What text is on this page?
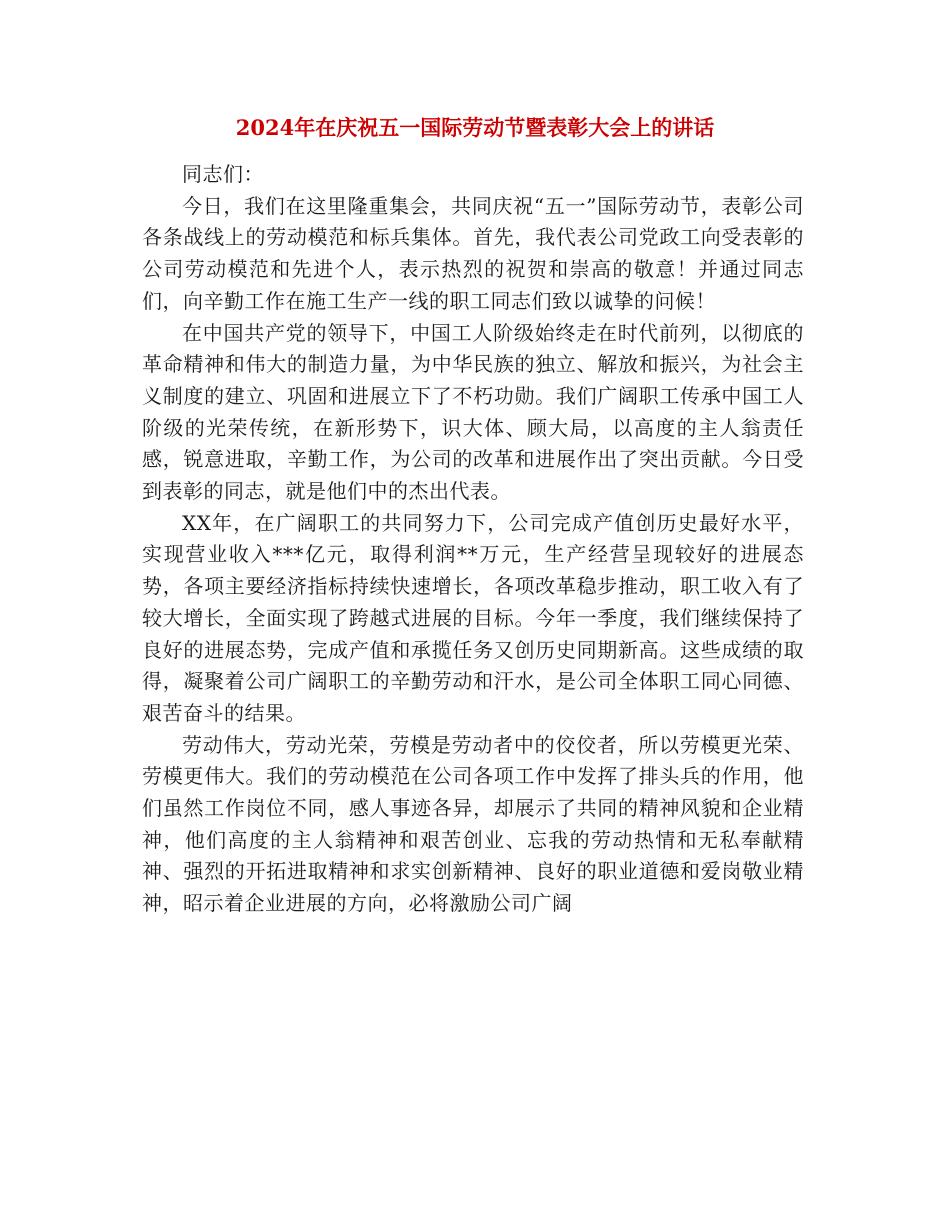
2024年在庆祝五一国际劳动节暨表彰大会上的讲话

同志们：

今日，我们在这里隆重集会，共同庆祝“五一”国际劳动节，表彰公司各条战线上的劳动模范和标兵集体。首先，我代表公司党政工向受表彰的公司劳动模范和先进个人，表示热烈的祝贺和崇高的敬意！并通过同志们，向辛勤工作在施工生产一线的职工同志们致以诚挚的问候！

在中国共产党的领导下，中国工人阶级始终走在时代前列，以彻底的革命精神和伟大的制造力量，为中华民族的独立、解放和振兴，为社会主义制度的建立、巩固和进展立下了不朽功勋。我们广阔职工传承中国工人阶级的光荣传统，在新形势下，识大体、顾大局，以高度的主人翁责任感，锐意进取，辛勤工作，为公司的改革和进展作出了突出贡献。今日受到表彰的同志，就是他们中的杰出代表。

XX年，在广阔职工的共同努力下，公司完成产值创历史最好水平，实现营业收入***亿元，取得利润**万元，生产经营呈现较好的进展态势，各项主要经济指标持续快速增长，各项改革稳步推动，职工收入有了较大增长，全面实现了跨越式进展的目标。今年一季度，我们继续保持了良好的进展态势，完成产值和承揽任务又创历史同期新高。这些成绩的取得，凝聚着公司广阔职工的辛勤劳动和汗水，是公司全体职工同心同德、艰苦奋斗的结果。

劳动伟大，劳动光荣，劳模是劳动者中的佼佼者，所以劳模更光荣、劳模更伟大。我们的劳动模范在公司各项工作中发挥了排头兵的作用，他们虽然工作岗位不同，感人事迹各异，却展示了共同的精神风貌和企业精神，他们高度的主人翁精神和艰苦创业、忘我的劳动热情和无私奉献精神、强烈的开拓进取精神和求实创新精神、良好的职业道德和爱岗敬业精神，昭示着企业进展的方向，必将激励公司广阔
